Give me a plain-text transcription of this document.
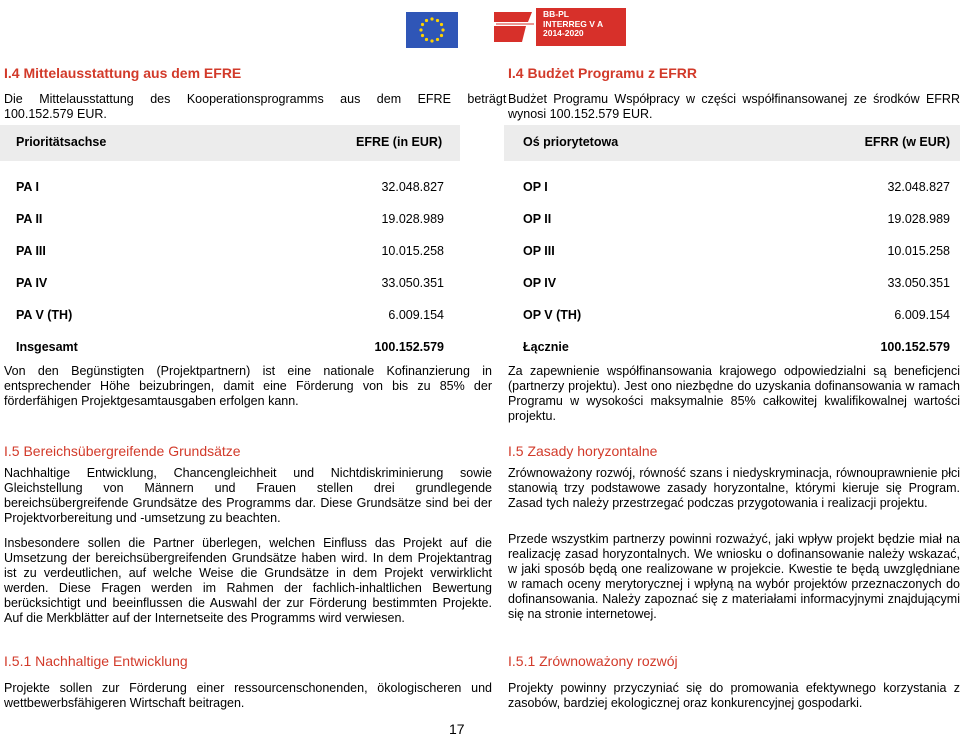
BB-PL
INTERREG V A
2014-2020
I.4 Mittelausstattung aus dem EFRE
Die Mittelausstattung des Kooperationsprogramms aus dem EFRE beträgt
100.152.579 EUR.
Prioritätsachse	EFRE (in EUR)
PA I	32.048.827
PA II	19.028.989
PA III	10.015.258
PA IV	33.050.351
PA V (TH)	6.009.154
Insgesamt	100.152.579
Von den Begünstigten (Projektpartnern) ist eine nationale Kofinanzierung in entsprechender Höhe beizubringen, damit eine Förderung von bis zu 85% der förderfähigen Projektgesamtausgaben erfolgen kann.
I.5 Bereichsübergreifende Grundsätze
Nachhaltige Entwicklung, Chancengleichheit und Nichtdiskriminierung sowie Gleichstellung von Männern und Frauen stellen drei grundlegende bereichsübergreifende Grundsätze des Programms dar. Diese Grundsätze sind bei der Projektvorbereitung und -umsetzung zu beachten.
Insbesondere sollen die Partner überlegen, welchen Einfluss das Projekt auf die Umsetzung der bereichsübergreifenden Grundsätze haben wird. In dem Projektantrag ist zu verdeutlichen, auf welche Weise die Grundsätze in dem Projekt verwirklicht werden. Diese Fragen werden im Rahmen der fachlich-inhaltlichen Bewertung berücksichtigt und beeinflussen die Auswahl der zur Förderung bestimmten Projekte. Auf die Merkblätter auf der Internetseite des Programms wird verwiesen.
I.5.1 Nachhaltige Entwicklung
Projekte sollen zur Förderung einer ressourcenschonenden, ökologischeren und wettbewerbsfähigeren Wirtschaft beitragen.
I.4 Budżet Programu z EFRR
Budżet Programu Współpracy w części współfinansowanej ze środków EFRR wynosi 100.152.579 EUR.
Oś priorytetowa	EFRR (w EUR)
OP I	32.048.827
OP II	19.028.989
OP III	10.015.258
OP IV	33.050.351
OP V (TH)	6.009.154
Łącznie	100.152.579
Za zapewnienie współfinansowania krajowego odpowiedzialni są beneficjenci (partnerzy projektu). Jest ono niezbędne do uzyskania dofinansowania w ramach Programu w wysokości maksymalnie 85% całkowitej kwalifikowalnej wartości projektu.
I.5 Zasady horyzontalne
Zrównoważony rozwój, równość szans i niedyskryminacja, równouprawnienie płci stanowią trzy podstawowe zasady horyzontalne, którymi kieruje się Program. Zasad tych należy przestrzegać podczas przygotowania i realizacji projektu.
Przede wszystkim partnerzy powinni rozważyć, jaki wpływ projekt będzie miał na realizację zasad horyzontalnych. We wniosku o dofinansowanie należy wskazać, w jaki sposób będą one realizowane w projekcie. Kwestie te będą uwzględniane w ramach oceny merytorycznej i wpłyną na wybór projektów przeznaczonych do dofinansowania. Należy zapoznać się z materiałami informacyjnymi znajdującymi się na stronie internetowej.
I.5.1 Zrównoważony rozwój
Projekty powinny przyczyniać się do promowania efektywnego korzystania z zasobów, bardziej ekologicznej oraz konkurencyjnej gospodarki.
17
